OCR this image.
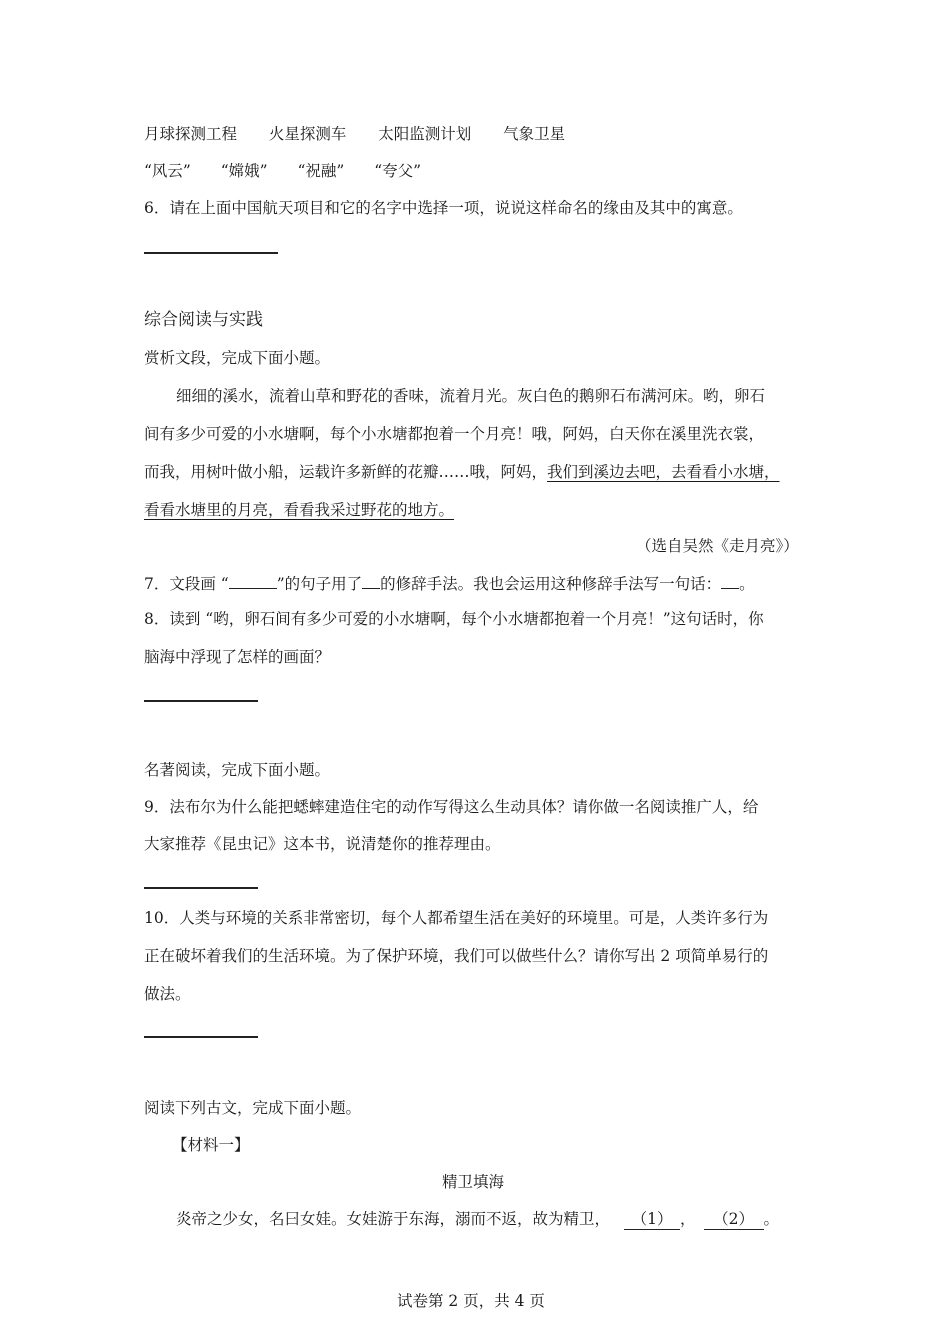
月球探测工程 火星探测车 太阳监测计划 气象卫星
“风云” “嫦娥” “祝融” “夸父”
6．请在上面中国航天项目和它的名字中选择一项，说说这样命名的缘由及其中的寓意。
综合阅读与实践
赏析文段，完成下面小题。
细细的溪水，流着山草和野花的香味，流着月光。灰白色的鹅卵石布满河床。哟，卵石
间有多少可爱的小水塘啊，每个小水塘都抱着一个月亮！哦，阿妈，白天你在溪里洗衣裳，
而我，用树叶做小船，运载许多新鲜的花瓣……哦，阿妈，我们到溪边去吧，去看看小水塘，
看看水塘里的月亮，看看我采过野花的地方。
（选自吴然《走月亮》）
7．文段画 “	”的句子用了 的修辞手法。我也会运用这种修辞手法写一句话： 。
8．读到 “哟，卵石间有多少可爱的小水塘啊，每个小水塘都抱着一个月亮！”这句话时，你
脑海中浮现了怎样的画面？
名著阅读，完成下面小题。
9．法布尔为什么能把蟋蟀建造住宅的动作写得这么生动具体？请你做一名阅读推广人，给
大家推荐《昆虫记》这本书，说清楚你的推荐理由。
10．人类与环境的关系非常密切，每个人都希望生活在美好的环境里。可是，人类许多行为
正在破坏着我们的生活环境。为了保护环境，我们可以做些什么？请你写出 2 项简单易行的
做法。
阅读下列古文，完成下面小题。
【材料一】
精卫填海
炎帝之少女，名曰女娃。女娃游于东海，溺而不返，故为精卫， （1） ， （2） 。
试卷第 2 页，共 4 页
